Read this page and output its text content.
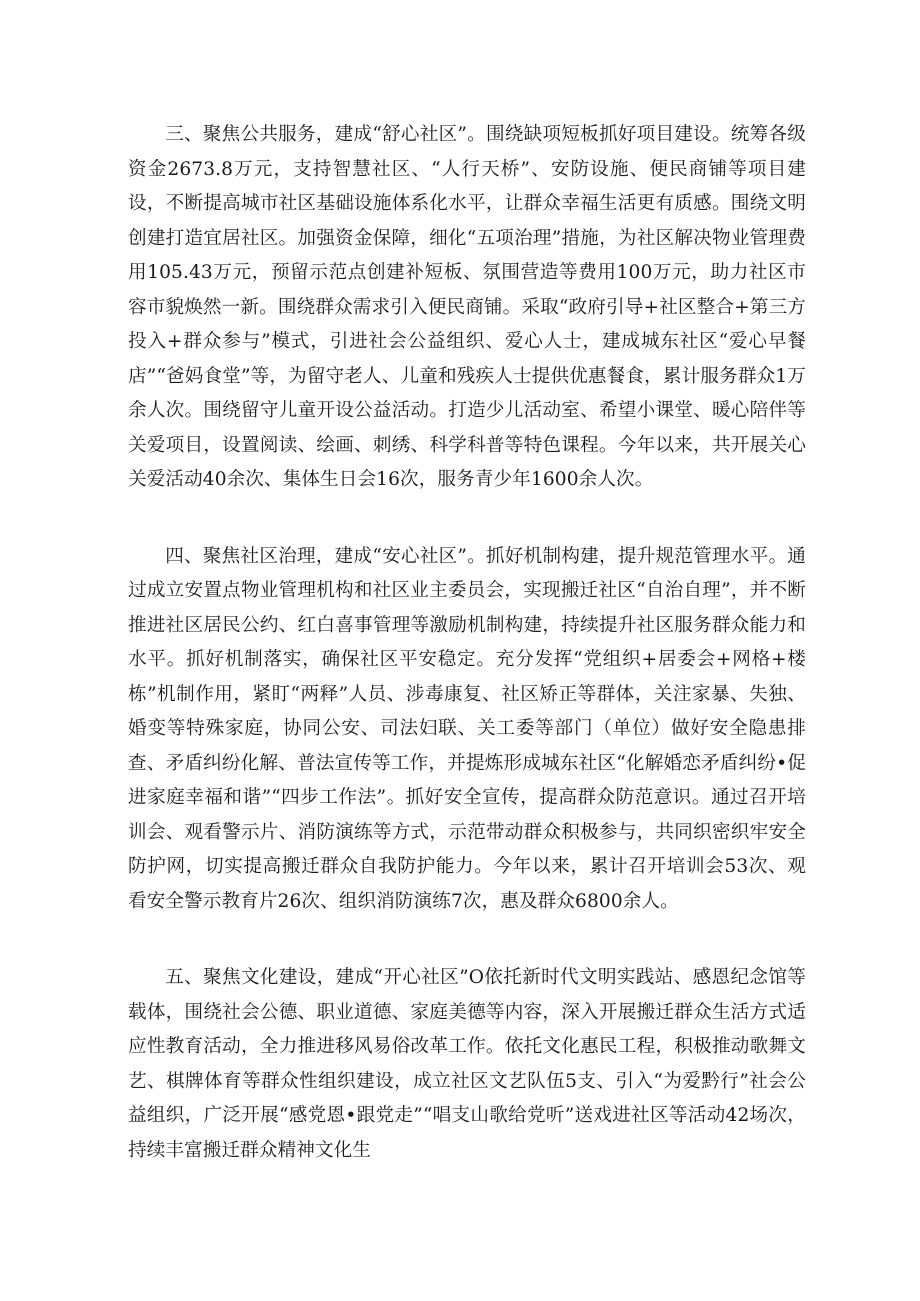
三、聚焦公共服务，建成“舒心社区”。围绕缺项短板抓好项目建设。统筹各级资金2673.8万元，支持智慧社区、“人行天桥”、安防设施、便民商铺等项目建设，不断提高城市社区基础设施体系化水平，让群众幸福生活更有质感。围绕文明创建打造宜居社区。加强资金保障，细化“五项治理”措施，为社区解决物业管理费用105.43万元，预留示范点创建补短板、氛围营造等费用100万元，助力社区市容市貌焕然一新。围绕群众需求引入便民商铺。采取“政府引导+社区整合+第三方投入+群众参与”模式，引进社会公益组织、爱心人士，建成城东社区“爱心早餐店”“爸妈食堂”等，为留守老人、儿童和残疾人士提供优惠餐食，累计服务群众1万余人次。围绕留守儿童开设公益活动。打造少儿活动室、希望小课堂、暖心陪伴等关爱项目，设置阅读、绘画、刺绣、科学科普等特色课程。今年以来，共开展关心关爱活动40余次、集体生日会16次，服务青少年1600余人次。

四、聚焦社区治理，建成“安心社区”。抓好机制构建，提升规范管理水平。通过成立安置点物业管理机构和社区业主委员会，实现搬迁社区“自治自理”，并不断推进社区居民公约、红白喜事管理等激励机制构建，持续提升社区服务群众能力和水平。抓好机制落实，确保社区平安稳定。充分发挥“党组织+居委会+网格+楼栋”机制作用，紧盯“两释”人员、涉毒康复、社区矫正等群体，关注家暴、失独、婚变等特殊家庭，协同公安、司法妇联、关工委等部门（单位）做好安全隐患排查、矛盾纠纷化解、普法宣传等工作，并提炼形成城东社区“化解婚恋矛盾纠纷•促进家庭幸福和谐”“四步工作法”。抓好安全宣传，提高群众防范意识。通过召开培训会、观看警示片、消防演练等方式，示范带动群众积极参与，共同织密织牢安全防护网，切实提高搬迁群众自我防护能力。今年以来，累计召开培训会53次、观看安全警示教育片26次、组织消防演练7次，惠及群众6800余人。

五、聚焦文化建设，建成“开心社区”O依托新时代文明实践站、感恩纪念馆等载体，围绕社会公德、职业道德、家庭美德等内容，深入开展搬迁群众生活方式适应性教育活动，全力推进移风易俗改革工作。依托文化惠民工程，积极推动歌舞文艺、棋牌体育等群众性组织建设，成立社区文艺队伍5支、引入“为爱黔行”社会公益组织，广泛开展“感党恩•跟党走”“唱支山歌给党听”送戏进社区等活动42场次，持续丰富搬迁群众精神文化生
